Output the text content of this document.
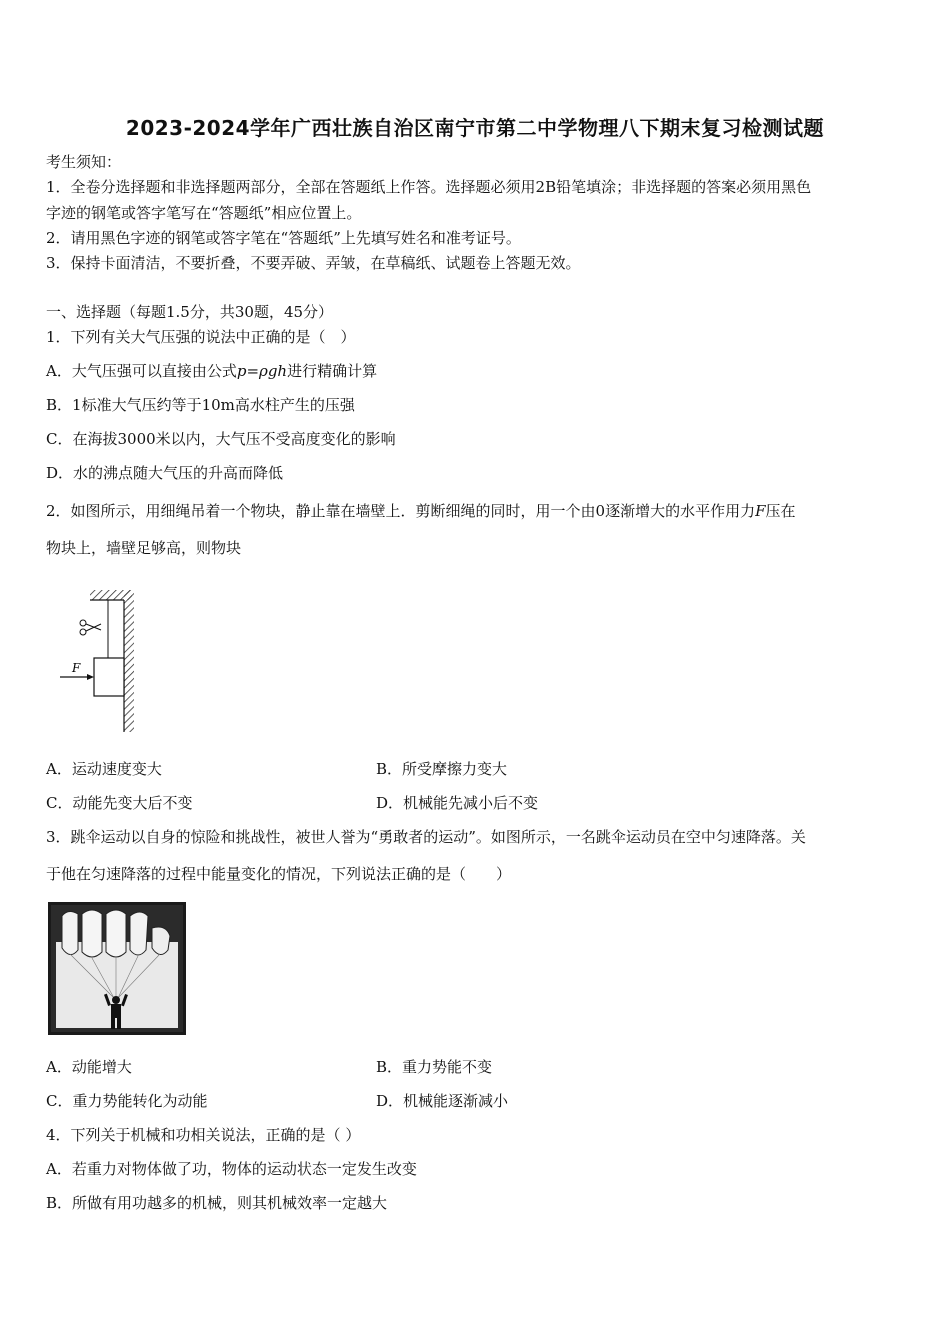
2023-2024学年广西壮族自治区南宁市第二中学物理八下期末复习检测试题
考生须知：
1．全卷分选择题和非选择题两部分，全部在答题纸上作答。选择题必须用2B铅笔填涂；非选择题的答案必须用黑色
字迹的钢笔或答字笔写在“答题纸”相应位置上。
2．请用黑色字迹的钢笔或答字笔在“答题纸”上先填写姓名和准考证号。
3．保持卡面清洁，不要折叠，不要弄破、弄皱，在草稿纸、试题卷上答题无效。
一、选择题（每题1.5分，共30题，45分）
1．下列有关大气压强的说法中正确的是（　）
A．大气压强可以直接由公式p=ρgh进行精确计算
B．1标准大气压约等于10m高水柱产生的压强
C．在海拔3000米以内，大气压不受高度变化的影响
D．水的沸点随大气压的升高而降低
2．如图所示，用细绳吊着一个物块，静止靠在墙壁上．剪断细绳的同时，用一个由0逐渐增大的水平作用力F压在
物块上，墙壁足够高，则物块
F
A．运动速度变大	B．所受摩擦力变大
C．动能先变大后不变	D．机械能先减小后不变
3．跳伞运动以自身的惊险和挑战性，被世人誉为“勇敢者的运动”。如图所示，一名跳伞运动员在空中匀速降落。关
于他在匀速降落的过程中能量变化的情况，下列说法正确的是（　　）
A．动能增大	B．重力势能不变
C．重力势能转化为动能	D．机械能逐渐减小
4．下列关于机械和功相关说法，正确的是（ ）
A．若重力对物体做了功，物体的运动状态一定发生改变
B．所做有用功越多的机械，则其机械效率一定越大
